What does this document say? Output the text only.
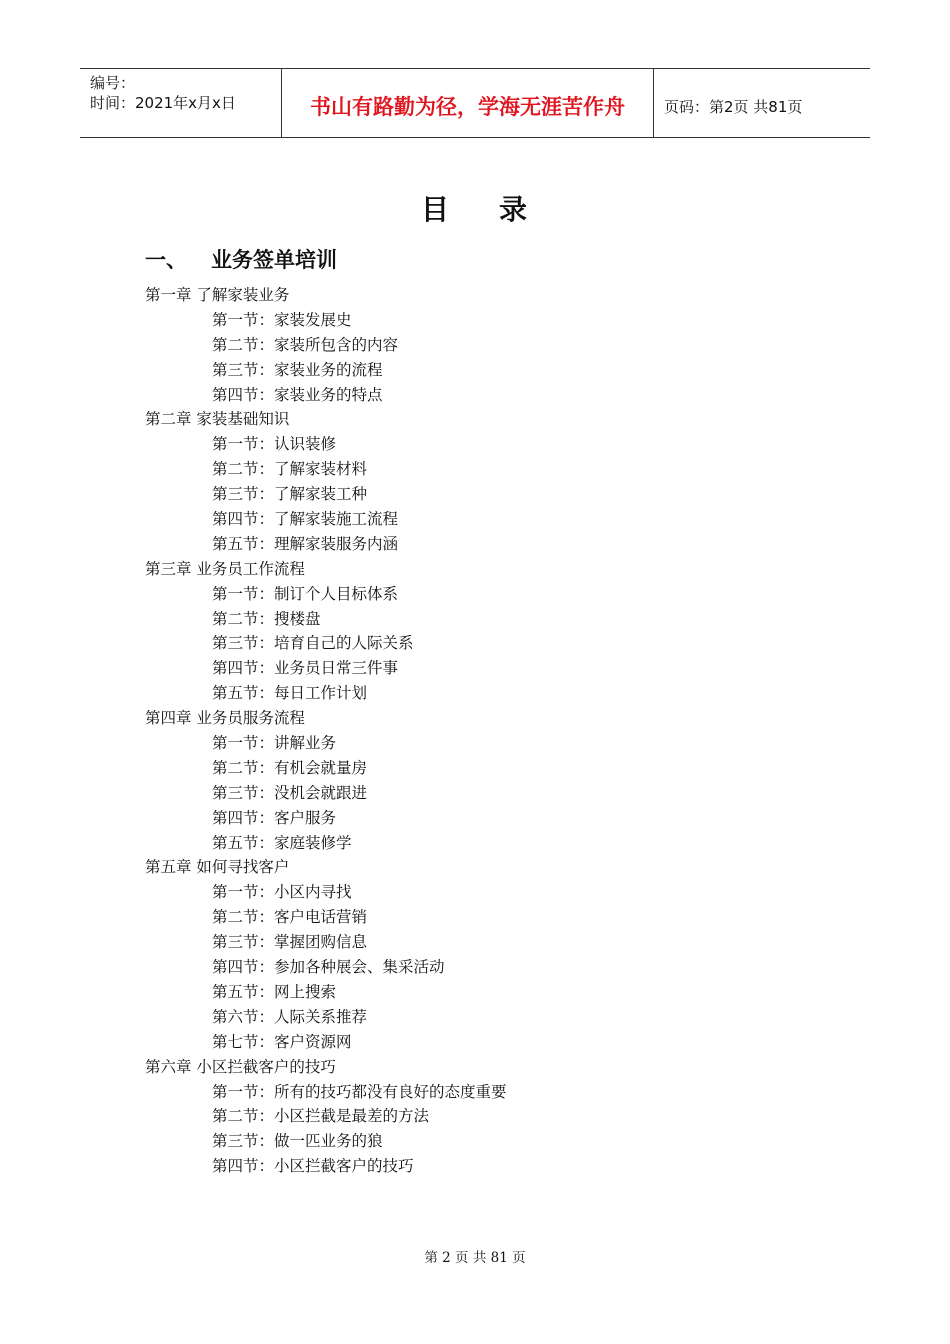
编号：
时间：2021年x月x日	书山有路勤为径，学海无涯苦作舟	页码：第2页 共81页
目 录
一、 业务签单培训
第一章 了解家装业务
第一节：家装发展史
第二节：家装所包含的内容
第三节：家装业务的流程
第四节：家装业务的特点
第二章 家装基础知识
第一节：认识装修
第二节：了解家装材料
第三节：了解家装工种
第四节：了解家装施工流程
第五节：理解家装服务内涵
第三章 业务员工作流程
第一节：制订个人目标体系
第二节：搜楼盘
第三节：培育自己的人际关系
第四节：业务员日常三件事
第五节：每日工作计划
第四章 业务员服务流程
第一节：讲解业务
第二节：有机会就量房
第三节：没机会就跟进
第四节：客户服务
第五节：家庭装修学
第五章 如何寻找客户
第一节：小区内寻找
第二节：客户电话营销
第三节：掌握团购信息
第四节：参加各种展会、集采活动
第五节：网上搜索
第六节：人际关系推荐
第七节：客户资源网
第六章 小区拦截客户的技巧
第一节：所有的技巧都没有良好的态度重要
第二节：小区拦截是最差的方法
第三节：做一匹业务的狼
第四节：小区拦截客户的技巧
第 2 页 共 81 页
